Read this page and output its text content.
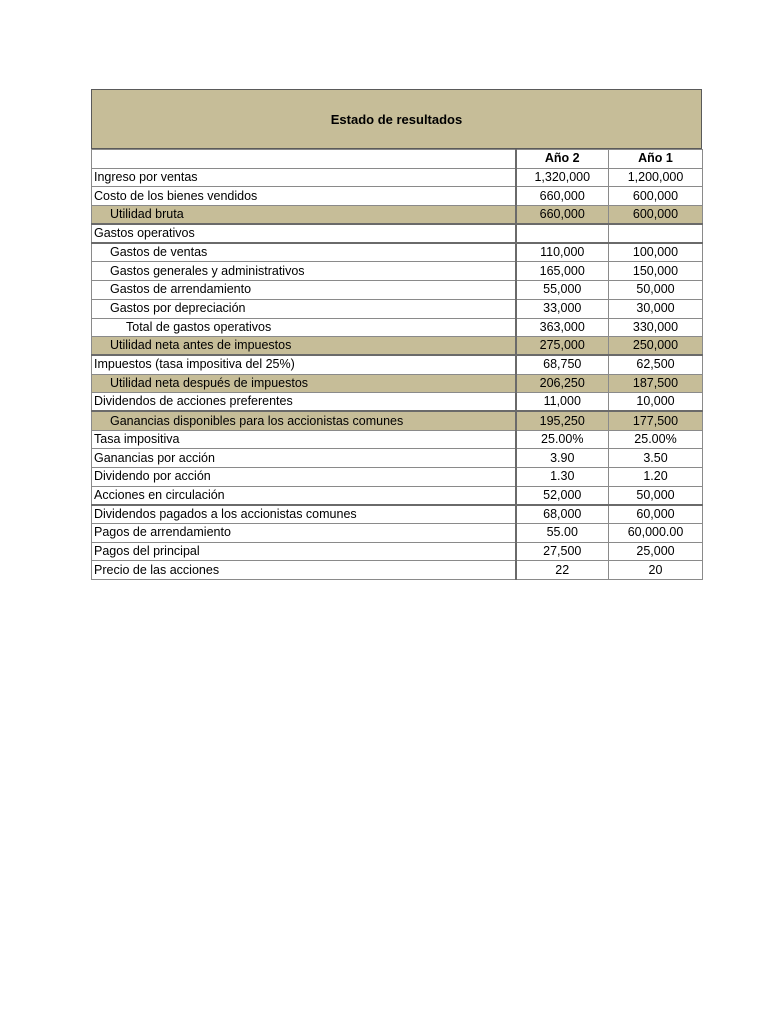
Estado de resultados
	Año 2	Año 1
Ingreso por ventas	1,320,000	1,200,000
Costo de los bienes vendidos	660,000	600,000
Utilidad bruta	660,000	600,000
Gastos operativos		
Gastos de ventas	110,000	100,000
Gastos generales y administrativos	165,000	150,000
Gastos de arrendamiento	55,000	50,000
Gastos por depreciación	33,000	30,000
Total de gastos operativos	363,000	330,000
Utilidad neta antes de impuestos	275,000	250,000
Impuestos (tasa impositiva del 25%)	68,750	62,500
Utilidad neta después de impuestos	206,250	187,500
Dividendos de acciones preferentes	11,000	10,000
Ganancias disponibles para los accionistas comunes	195,250	177,500
Tasa impositiva	25.00%	25.00%
Ganancias por acción	3.90	3.50
Dividendo por acción	1.30	1.20
Acciones en circulación	52,000	50,000
Dividendos pagados a los accionistas comunes	68,000	60,000
Pagos de arrendamiento	55.00	60,000.00
Pagos del principal	27,500	25,000
Precio de las acciones	22	20
